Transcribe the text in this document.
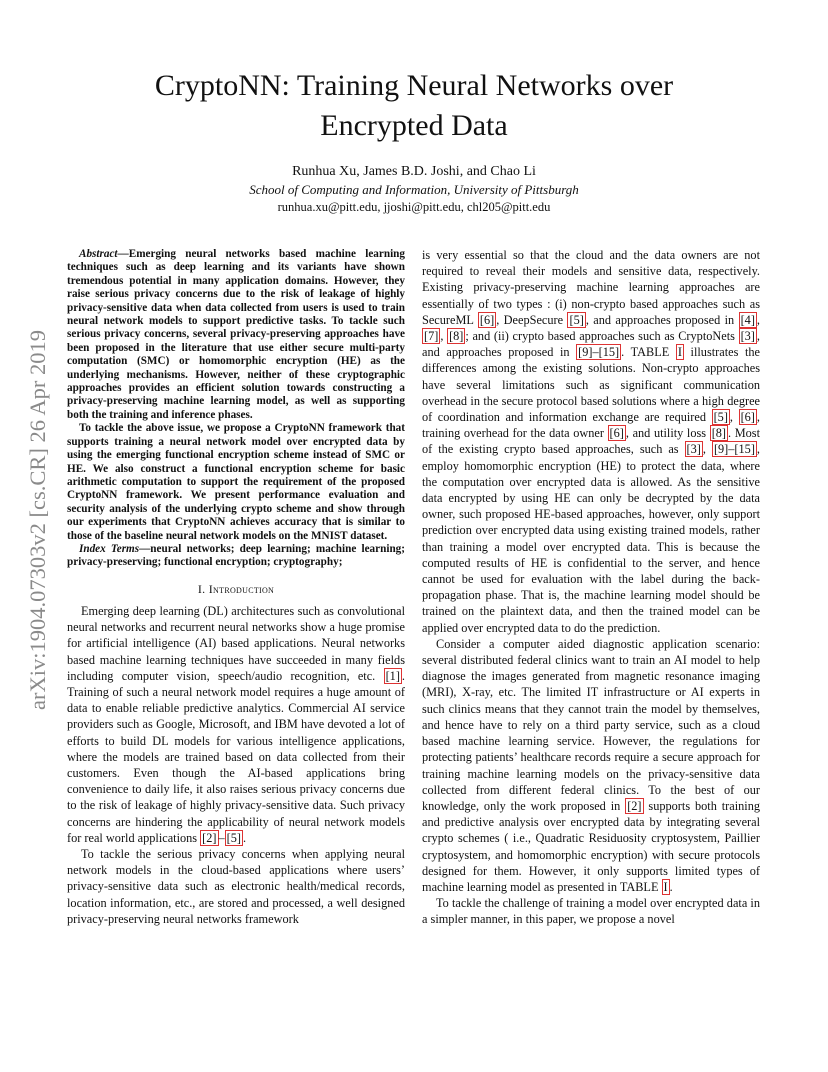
CryptoNN: Training Neural Networks over
Encrypted Data
Runhua Xu, James B.D. Joshi, and Chao Li
School of Computing and Information, University of Pittsburgh
runhua.xu@pitt.edu, jjoshi@pitt.edu, chl205@pitt.edu
arXiv:1904.07303v2 [cs.CR] 26 Apr 2019

Abstract—Emerging neural networks based machine learning techniques such as deep learning and its variants have shown tremendous potential in many application domains. However, they raise serious privacy concerns due to the risk of leakage of highly privacy-sensitive data when data collected from users is used to train neural network models to support predictive tasks. To tackle such serious privacy concerns, several privacy-preserving approaches have been proposed in the literature that use either secure multi-party computation (SMC) or homomorphic encryption (HE) as the underlying mechanisms. However, neither of these cryptographic approaches provides an efficient solution towards constructing a privacy-preserving machine learning model, as well as supporting both the training and inference phases.

To tackle the above issue, we propose a CryptoNN framework that supports training a neural network model over encrypted data by using the emerging functional encryption scheme instead of SMC or HE. We also construct a functional encryption scheme for basic arithmetic computation to support the requirement of the proposed CryptoNN framework. We present performance evaluation and security analysis of the underlying crypto scheme and show through our experiments that CryptoNN achieves accuracy that is similar to those of the baseline neural network models on the MNIST dataset.

Index Terms—neural networks; deep learning; machine learning; privacy-preserving; functional encryption; cryptography;

I. Introduction

Emerging deep learning (DL) architectures such as convolutional neural networks and recurrent neural networks show a huge promise for artificial intelligence (AI) based applications. Neural networks based machine learning techniques have succeeded in many fields including computer vision, speech/audio recognition, etc. [1] . Training of such a neural network model requires a huge amount of data to enable reliable predictive analytics. Commercial AI service providers such as Google, Microsoft, and IBM have devoted a lot of efforts to build DL models for various intelligence applications, where the models are trained based on data collected from their customers. Even though the AI-based applications bring convenience to daily life, it also raises serious privacy concerns due to the risk of leakage of highly privacy-sensitive data. Such privacy concerns are hindering the applicability of neural network models for real world applications [2] – [5] .

To tackle the serious privacy concerns when applying neural network models in the cloud-based applications where users’ privacy-sensitive data such as electronic health/medical records, location information, etc., are stored and processed, a well designed privacy-preserving neural networks framework

is very essential so that the cloud and the data owners are not required to reveal their models and sensitive data, respectively. Existing privacy-preserving machine learning approaches are essentially of two types : (i) non-crypto based approaches such as SecureML [6] , DeepSecure [5] , and approaches proposed in [4] , [7] , [8] ; and (ii) crypto based approaches such as CryptoNets [3] , and approaches proposed in [9]–[15] . TABLE I illustrates the differences among the existing solutions. Non-crypto approaches have several limitations such as significant communication overhead in the secure protocol based solutions where a high degree of coordination and information exchange are required [5] , [6] , training overhead for the data owner [6] , and utility loss [8] . Most of the existing crypto based approaches, such as [3] , [9]–[15] , employ homomorphic encryption (HE) to protect the data, where the computation over encrypted data is allowed. As the sensitive data encrypted by using HE can only be decrypted by the data owner, such proposed HE-based approaches, however, only support prediction over encrypted data using existing trained models, rather than training a model over encrypted data. This is because the computed results of HE is confidential to the server, and hence cannot be used for evaluation with the label during the back-propagation phase. That is, the machine learning model should be trained on the plaintext data, and then the trained model can be applied over encrypted data to do the prediction.

Consider a computer aided diagnostic application scenario: several distributed federal clinics want to train an AI model to help diagnose the images generated from magnetic resonance imaging (MRI), X-ray, etc. The limited IT infrastructure or AI experts in such clinics means that they cannot train the model by themselves, and hence have to rely on a third party service, such as a cloud based machine learning service. However, the regulations for protecting patients’ healthcare records require a secure approach for training machine learning models on the privacy-sensitive data collected from different federal clinics. To the best of our knowledge, only the work proposed in [2] supports both training and predictive analysis over encrypted data by integrating several crypto schemes ( i.e., Quadratic Residuosity cryptosystem, Paillier cryptosystem, and homomorphic encryption) with secure protocols designed for them. However, it only supports limited types of machine learning model as presented in TABLE I .

To tackle the challenge of training a model over encrypted data in a simpler manner, in this paper, we propose a novel
